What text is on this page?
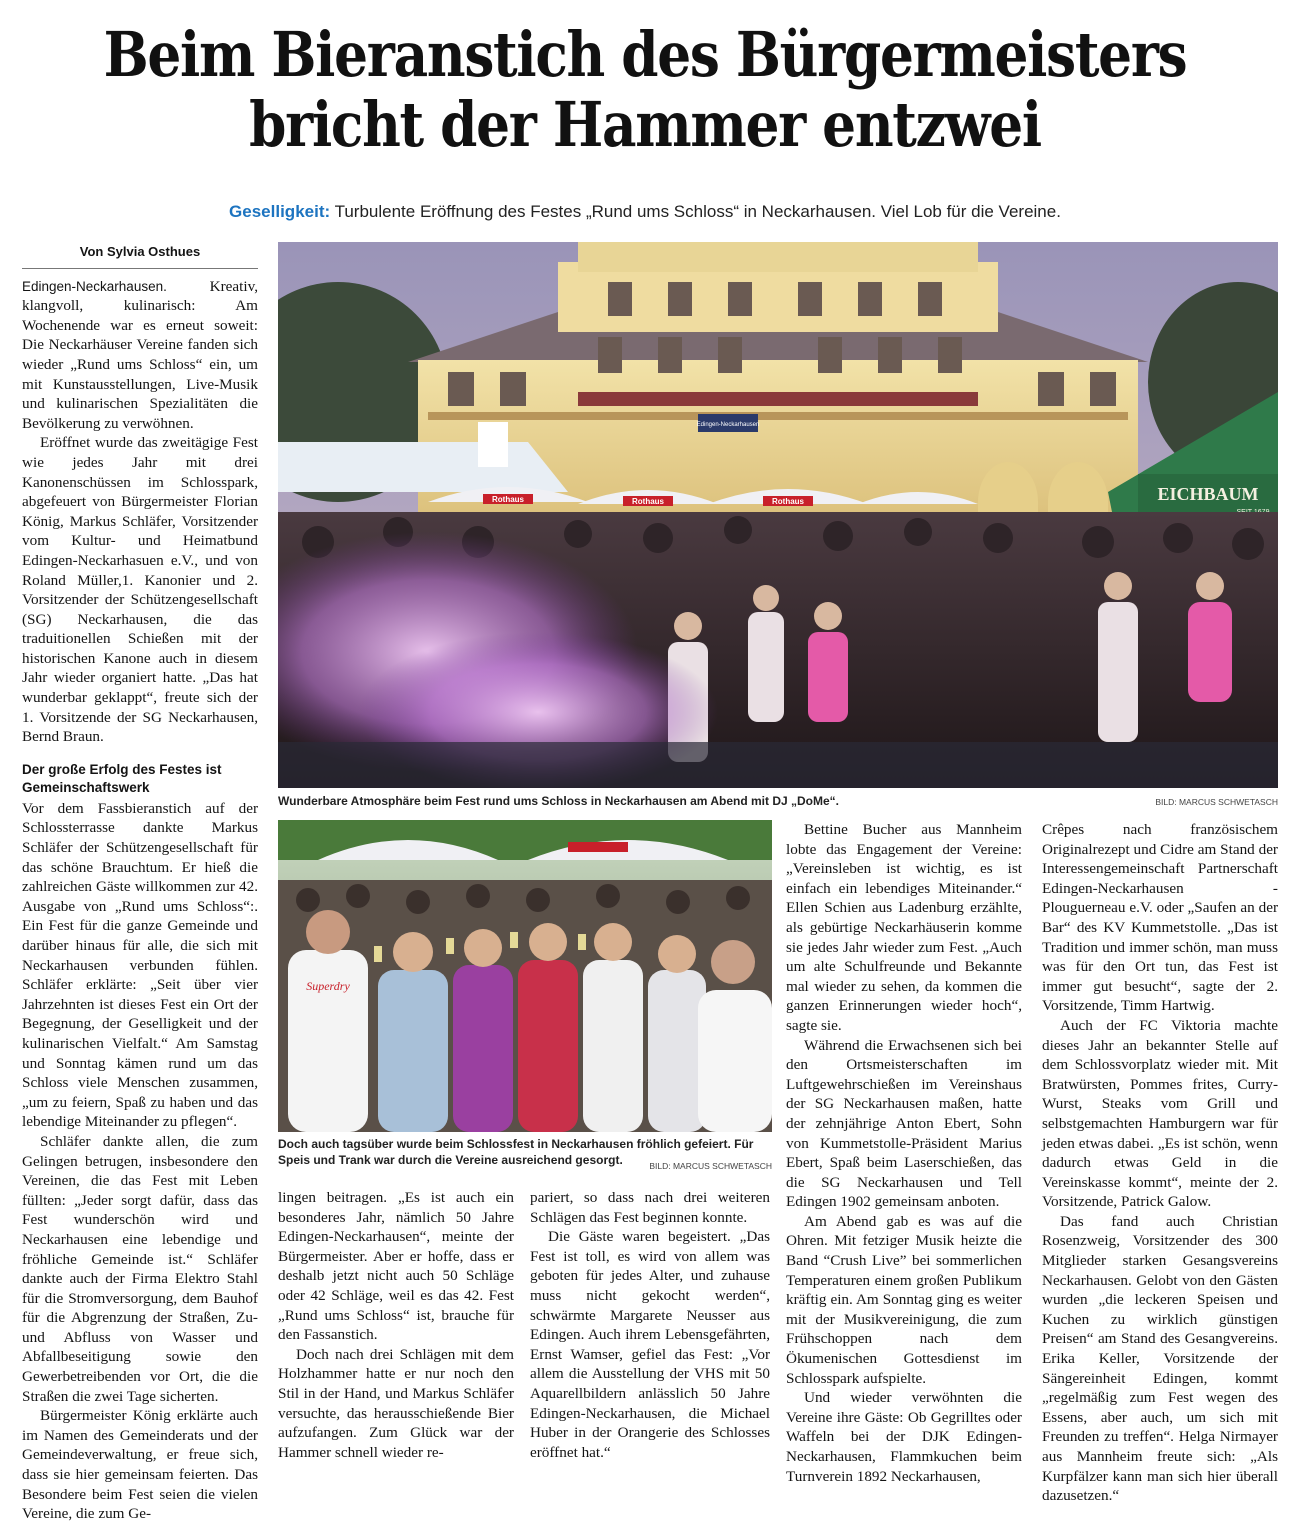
Beim Bieranstich des Bürgermeisters
bricht der Hammer entzwei
Geselligkeit: Turbulente Eröffnung des Festes „Rund ums Schloss“ in Neckarhausen. Viel Lob für die Vereine.
Von Sylvia Osthues

Edingen-Neckarhausen. Kreativ, klangvoll, kulinarisch: Am Wochenende war es erneut soweit: Die Neckarhäuser Vereine fanden sich wieder „Rund ums Schloss“ ein, um mit Kunstausstellungen, Live-Musik und kulinarischen Spezialitäten die Bevölkerung zu verwöhnen.

Eröffnet wurde das zweitägige Fest wie jedes Jahr mit drei Kanonenschüssen im Schlosspark, abgefeuert von Bürgermeister Florian König, Markus Schläfer, Vorsitzender vom Kultur- und Heimatbund Edingen-Neckarhasuen e.V., und von Roland Müller,1. Kanonier und 2. Vorsitzender der Schützengesellschaft (SG) Neckarhausen, die das traduitionellen Schießen mit der historischen Kanone auch in diesem Jahr wieder organiert hatte. „Das hat wunderbar geklappt“, freute sich der 1. Vorsitzende der SG Neckarhausen, Bernd Braun.

Der große Erfolg des Festes ist Gemeinschaftswerk

Vor dem Fassbieranstich auf der Schlossterrasse dankte Markus Schläfer der Schützengesellschaft für das schöne Brauchtum. Er hieß die zahlreichen Gäste willkommen zur 42. Ausgabe von „Rund ums Schloss“:. Ein Fest für die ganze Gemeinde und darüber hinaus für alle, die sich mit Neckarhausen verbunden fühlen. Schläfer erklärte: „Seit über vier Jahrzehnten ist dieses Fest ein Ort der Begegnung, der Geselligkeit und der kulinarischen Vielfalt.“ Am Samstag und Sonntag kämen rund um das Schloss viele Menschen zusammen, „um zu feiern, Spaß zu haben und das lebendige Miteinander zu pflegen“.

Schläfer dankte allen, die zum Gelingen betrugen, insbesondere den Vereinen, die das Fest mit Leben füllten: „Jeder sorgt dafür, dass das Fest wunderschön wird und Neckarhausen eine lebendige und fröhliche Gemeinde ist.“ Schläfer dankte auch der Firma Elektro Stahl für die Stromversorgung, dem Bauhof für die Abgrenzung der Straßen, Zu- und Abfluss von Wasser und Abfallbeseitigung sowie den Gewerbetreibenden vor Ort, die die Straßen die zwei Tage sicherten.

Bürgermeister König erklärte auch im Namen des Gemeinderats und der Gemeindeverwaltung, er freue sich, dass sie hier gemeinsam feierten. Das Besondere beim Fest seien die vielen Vereine, die zum Ge-

Edingen-Neckarhausen
Rothaus	Rothaus	Rothaus	EICHBAUM
Wunderbare Atmosphäre beim Fest rund ums Schloss in Neckarhausen am Abend mit DJ „DoMe“.	BILD: MARCUS SCHWETASCH
Superdry
Doch auch tagsüber wurde beim Schlossfest in Neckarhausen fröhlich gefeiert. Für Speis und Trank war durch die Vereine ausreichend gesorgt.	BILD: MARCUS SCHWETASCH

lingen beitragen. „Es ist auch ein besonderes Jahr, nämlich 50 Jahre Edingen-Neckarhausen“, meinte der Bürgermeister. Aber er hoffe, dass er deshalb jetzt nicht auch 50 Schläge oder 42 Schläge, weil es das 42. Fest „Rund ums Schloss“ ist, brauche für den Fassanstich.

Doch nach drei Schlägen mit dem Holzhammer hatte er nur noch den Stil in der Hand, und Markus Schläfer versuchte, das herausschießende Bier aufzufangen. Zum Glück war der Hammer schnell wieder re-

pariert, so dass nach drei weiteren Schlägen das Fest beginnen konnte.

Die Gäste waren begeistert. „Das Fest ist toll, es wird von allem was geboten für jedes Alter, und zuhause muss nicht gekocht werden“, schwärmte Margarete Neusser aus Edingen. Auch ihrem Lebensgefährten, Ernst Wamser, gefiel das Fest: „Vor allem die Ausstellung der VHS mit 50 Aquarellbildern anlässlich 50 Jahre Edingen-Neckarhausen, die Michael Huber in der Orangerie des Schlosses eröffnet hat.“

Bettine Bucher aus Mannheim lobte das Engagement der Vereine: „Vereinsleben ist wichtig, es ist einfach ein lebendiges Miteinander.“ Ellen Schien aus Ladenburg erzählte, als gebürtige Neckarhäuserin komme sie jedes Jahr wieder zum Fest. „Auch um alte Schulfreunde und Bekannte mal wieder zu sehen, da kommen die ganzen Erinnerungen wieder hoch“, sagte sie.

Während die Erwachsenen sich bei den Ortsmeisterschaften im Luftgewehrschießen im Vereinshaus der SG Neckarhausen maßen, hatte der zehnjährige Anton Ebert, Sohn von Kummetstolle-Präsident Marius Ebert, Spaß beim Laserschießen, das die SG Neckarhausen und Tell Edingen 1902 gemeinsam anboten.

Am Abend gab es was auf die Ohren. Mit fetziger Musik heizte die Band “Crush Live” bei sommerlichen Temperaturen einem großen Publikum kräftig ein. Am Sonntag ging es weiter mit der Musikvereinigung, die zum Frühschoppen nach dem Ökumenischen Gottesdienst im Schlosspark aufspielte.

Und wieder verwöhnten die Vereine ihre Gäste: Ob Gegrilltes oder Waffeln bei der DJK Edingen-Neckarhausen, Flammkuchen beim Turnverein 1892 Neckarhausen,

Crêpes nach französischem Originalrezept und Cidre am Stand der Interessengemeinschaft Partnerschaft Edingen-Neckarhausen - Plouguerneau e.V. oder „Saufen an der Bar“ des KV Kummetstolle. „Das ist Tradition und immer schön, man muss was für den Ort tun, das Fest ist immer gut besucht“, sagte der 2. Vorsitzende, Timm Hartwig.

Auch der FC Viktoria machte dieses Jahr an bekannter Stelle auf dem Schlossvorplatz wieder mit. Mit Bratwürsten, Pommes frites, Curry-Wurst, Steaks vom Grill und selbstgemachten Hamburgern war für jeden etwas dabei. „Es ist schön, wenn dadurch etwas Geld in die Vereinskasse kommt“, meinte der 2. Vorsitzende, Patrick Galow.

Das fand auch Christian Rosenzweig, Vorsitzender des 300 Mitglieder starken Gesangsvereins Neckarhausen. Gelobt von den Gästen wurden „die leckeren Speisen und Kuchen zu wirklich günstigen Preisen“ am Stand des Gesangvereins. Erika Keller, Vorsitzende der Sängereinheit Edingen, kommt „regelmäßig zum Fest wegen des Essens, aber auch, um sich mit Freunden zu treffen“. Helga Nirmayer aus Mannheim freute sich: „Als Kurpfälzer kann man sich hier überall dazusetzen.“
